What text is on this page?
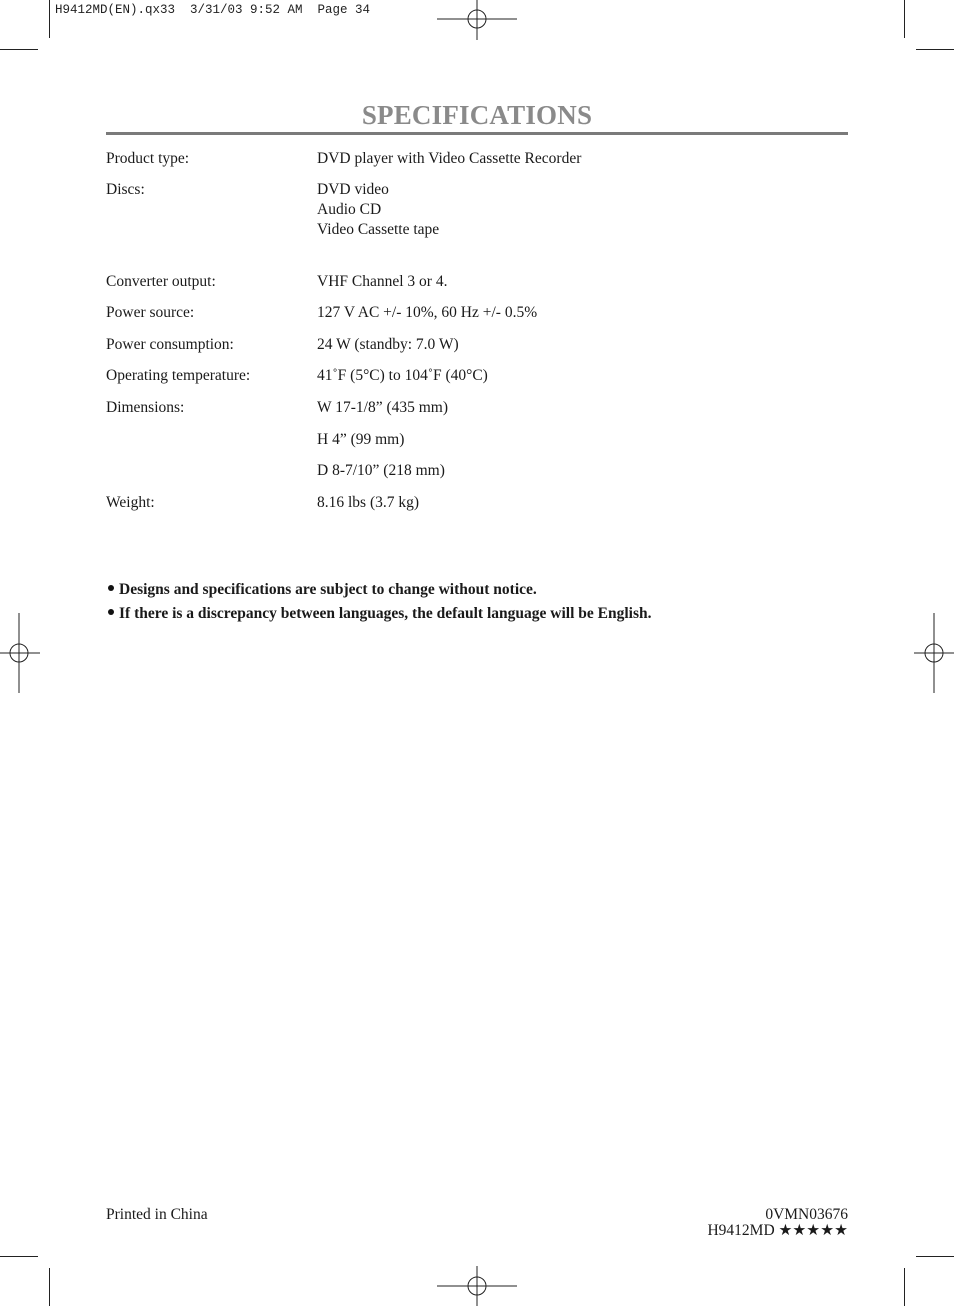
H9412MD(EN).qx33  3/31/03 9:52 AM  Page 34
SPECIFICATIONS
Product type:	DVD player with Video Cassette Recorder
Discs:	DVD video
Audio CD
Video Cassette tape
Converter output:	VHF Channel 3 or 4.
Power source:	127 V AC +/- 10%, 60 Hz +/- 0.5%
Power consumption:	24 W (standby: 7.0 W)
Operating temperature:	41˚F (5°C) to 104˚F (40°C)
Dimensions:	W 17-1/8” (435 mm)
H 4” (99 mm)
D 8-7/10” (218 mm)
Weight:	8.16 lbs (3.7 kg)
Designs and specifications are subject to change without notice.
If there is a discrepancy between languages, the default language will be English.
Printed in China	0VMN03676
H9412MD ★★★★★
